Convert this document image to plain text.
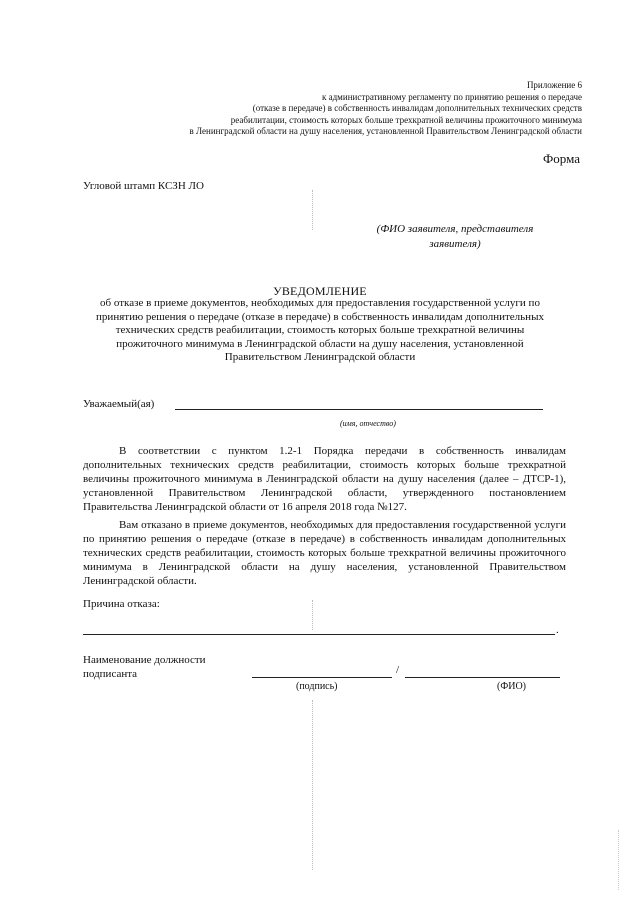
Приложение 6
к административному регламенту по принятию решения о передаче
(отказе в передаче) в собственность инвалидам дополнительных технических средств
реабилитации, стоимость которых больше трехкратной величины прожиточного минимума
в Ленинградской области на душу населения, установленной Правительством Ленинградской области
Форма
Угловой штамп КСЗН ЛО
(ФИО заявителя, представителя
заявителя)
УВЕДОМЛЕНИЕ
об отказе в приеме документов, необходимых для предоставления государственной услуги по
принятию решения о передаче (отказе в передаче) в собственность инвалидам дополнительных
технических средств реабилитации, стоимость которых больше трехкратной величины
прожиточного минимума в Ленинградской области на душу населения, установленной
Правительством Ленинградской области
Уважаемый(ая)
(имя, отчество)
В соответствии с пунктом 1.2-1 Порядка передачи в собственность инвалидам дополнительных технических средств реабилитации, стоимость которых больше трехкратной величины прожиточного минимума в Ленинградской области на душу населения (далее – ДТСР-1), установленной Правительством Ленинградской области, утвержденного постановлением Правительства Ленинградской области от 16 апреля 2018 года №127.
Вам отказано в приеме документов, необходимых для предоставления государственной услуги по принятию решения о передаче (отказе в передаче) в собственность инвалидам дополнительных технических средств реабилитации, стоимость которых больше трехкратной величины прожиточного минимума в Ленинградской области на душу населения, установленной Правительством Ленинградской области.
Причина отказа:
.
Наименование должности
подписанта	/
(подпись)	(ФИО)
